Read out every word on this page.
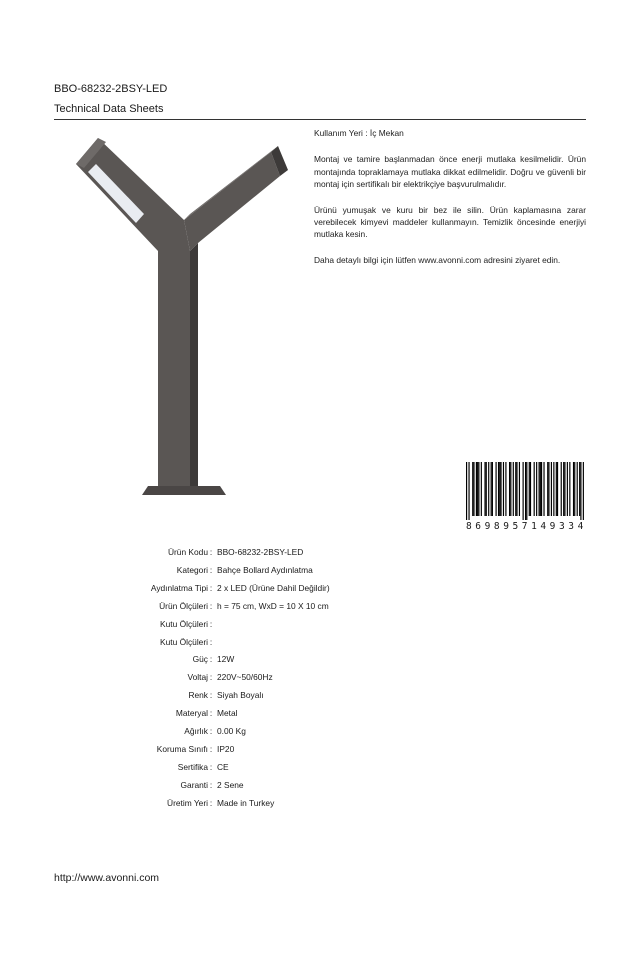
BBO-68232-2BSY-LED
Technical Data Sheets

Kullanım Yeri : İç Mekan

Montaj ve tamire başlanmadan önce enerji mutlaka kesilmelidir. Ürün montajında topraklamaya mutlaka dikkat edilmelidir. Doğru ve güvenli bir montaj için sertifikalı bir elektrikçiye başvurulmalıdır.

Ürünü yumuşak ve kuru bir bez ile silin. Ürün kaplamasına zarar verebilecek kimyevi maddeler kullanmayın. Temizlik öncesinde enerjiyi mutlaka kesin.

Daha detaylı bilgi için lütfen www.avonni.com adresini ziyaret edin.

8 6 9 8 9 5 7 1 4 9 3 3 4
Ürün Kodu : BBO-68232-2BSY-LED
Kategori : Bahçe Bollard Aydınlatma
Aydınlatma Tipi : 2 x LED (Ürüne Dahil Değildir)
Ürün Ölçüleri : h = 75 cm, WxD = 10 X 10 cm
Kutu Ölçüleri :
Kutu Ölçüleri :
Güç : 12W
Voltaj : 220V~50/60Hz
Renk : Siyah Boyalı
Materyal : Metal
Ağırlık : 0.00 Kg
Koruma Sınıfı : IP20
Sertifika : CE
Garanti : 2 Sene
Üretim Yeri : Made in Turkey
http://www.avonni.com
